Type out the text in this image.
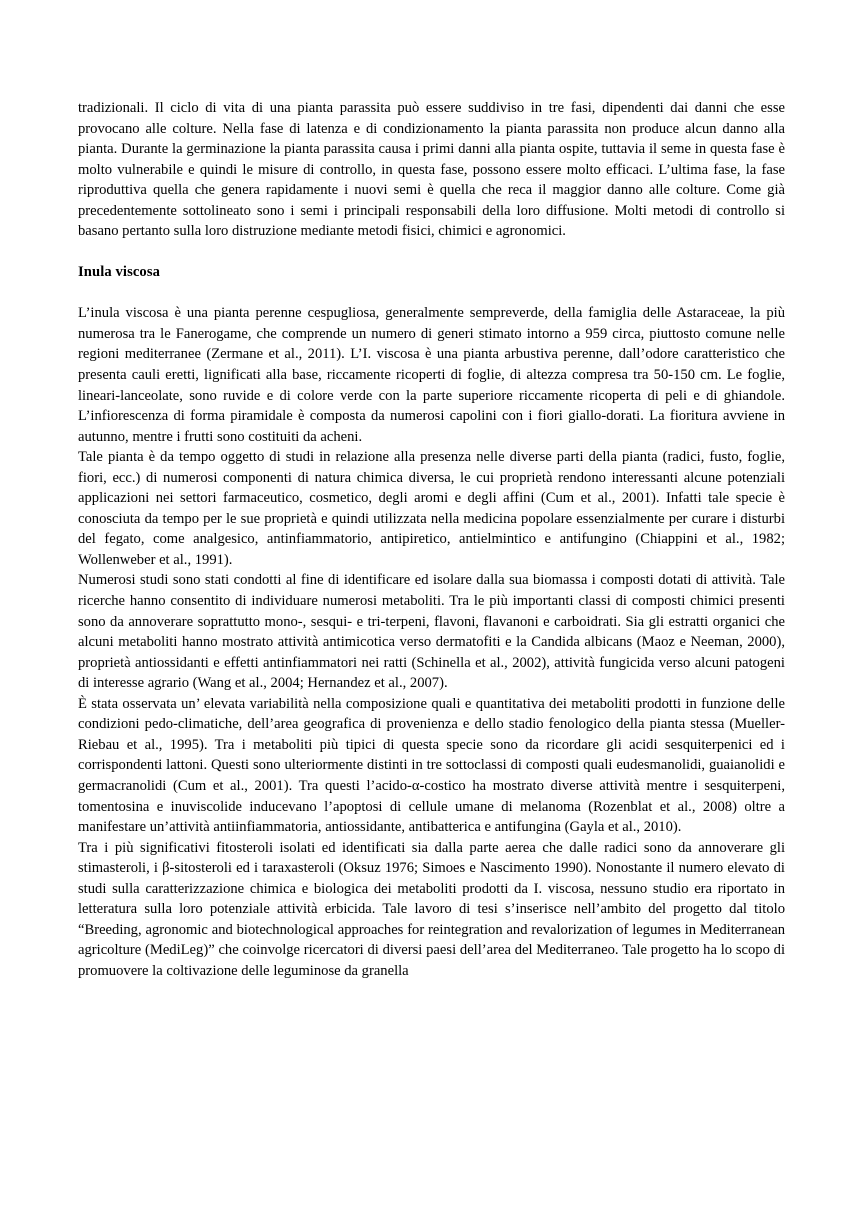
tradizionali. Il ciclo di vita di una pianta parassita può essere suddiviso in tre fasi, dipendenti dai danni che esse provocano alle colture. Nella fase di latenza e di condizionamento la pianta parassita non produce alcun danno alla pianta. Durante la germinazione la pianta parassita causa i primi danni alla pianta ospite, tuttavia il seme in questa fase è molto vulnerabile e quindi le misure di controllo, in questa fase, possono essere molto efficaci. L’ultima fase, la fase riproduttiva quella che genera rapidamente i nuovi semi è quella che reca il maggior danno alle colture. Come già precedentemente sottolineato sono i semi i principali responsabili della loro diffusione. Molti metodi di controllo si basano pertanto sulla loro distruzione mediante metodi fisici, chimici e agronomici.

Inula viscosa

L’inula viscosa è una pianta perenne cespugliosa, generalmente sempreverde, della famiglia delle Astaraceae, la più numerosa tra le Fanerogame, che comprende un numero di generi stimato intorno a 959 circa, piuttosto comune nelle regioni mediterranee (Zermane et al., 2011). L’I. viscosa è una pianta arbustiva perenne, dall’odore caratteristico che presenta cauli eretti, lignificati alla base, riccamente ricoperti di foglie, di altezza compresa tra 50-150 cm. Le foglie, lineari-lanceolate, sono ruvide e di colore verde con la parte superiore riccamente ricoperta di peli e di ghiandole. L’infiorescenza di forma piramidale è composta da numerosi capolini con i fiori giallo-dorati. La fioritura avviene in autunno, mentre i frutti sono costituiti da acheni.

Tale pianta è da tempo oggetto di studi in relazione alla presenza nelle diverse parti della pianta (radici, fusto, foglie, fiori, ecc.) di numerosi componenti di natura chimica diversa, le cui proprietà rendono interessanti alcune potenziali applicazioni nei settori farmaceutico, cosmetico, degli aromi e degli affini (Cum et al., 2001). Infatti tale specie è conosciuta da tempo per le sue proprietà e quindi utilizzata nella medicina popolare essenzialmente per curare i disturbi del fegato, come analgesico, antinfiammatorio, antipiretico, antielmintico e antifungino (Chiappini et al., 1982; Wollenweber et al., 1991).

Numerosi studi sono stati condotti al fine di identificare ed isolare dalla sua biomassa i composti dotati di attività. Tale ricerche hanno consentito di individuare numerosi metaboliti. Tra le più importanti classi di composti chimici presenti sono da annoverare soprattutto mono-, sesqui- e tri-terpeni, flavoni, flavanoni e carboidrati. Sia gli estratti organici che alcuni metaboliti hanno mostrato attività antimicotica verso dermatofiti e la Candida albicans (Maoz e Neeman, 2000), proprietà antiossidanti e effetti antinfiammatori nei ratti (Schinella et al., 2002), attività fungicida verso alcuni patogeni di interesse agrario (Wang et al., 2004; Hernandez et al., 2007).

È stata osservata un’ elevata variabilità nella composizione quali e quantitativa dei metaboliti prodotti in funzione delle condizioni pedo-climatiche, dell’area geografica di provenienza e dello stadio fenologico della pianta stessa (Mueller-Riebau et al., 1995). Tra i metaboliti più tipici di questa specie sono da ricordare gli acidi sesquiterpenici ed i corrispondenti lattoni. Questi sono ulteriormente distinti in tre sottoclassi di composti quali eudesmanolidi, guaianolidi e germacranolidi (Cum et al., 2001). Tra questi l’acido-α-costico ha mostrato diverse attività mentre i sesquiterpeni, tomentosina e inuviscolide inducevano l’apoptosi di cellule umane di melanoma (Rozenblat et al., 2008) oltre a manifestare un’attività antiinfiammatoria, antiossidante, antibatterica e antifungina (Gayla et al., 2010).

Tra i più significativi fitosteroli isolati ed identificati sia dalla parte aerea che dalle radici sono da annoverare gli stimasteroli, i β-sitosteroli ed i taraxasteroli (Oksuz 1976; Simoes e Nascimento 1990). Nonostante il numero elevato di studi sulla caratterizzazione chimica e biologica dei metaboliti prodotti da I. viscosa, nessuno studio era riportato in letteratura sulla loro potenziale attività erbicida. Tale lavoro di tesi s’inserisce nell’ambito del progetto dal titolo “Breeding, agronomic and biotechnological approaches for reintegration and revalorization of legumes in Mediterranean agricolture (MediLeg)” che coinvolge ricercatori di diversi paesi dell’area del Mediterraneo. Tale progetto ha lo scopo di promuovere la coltivazione delle leguminose da granella
